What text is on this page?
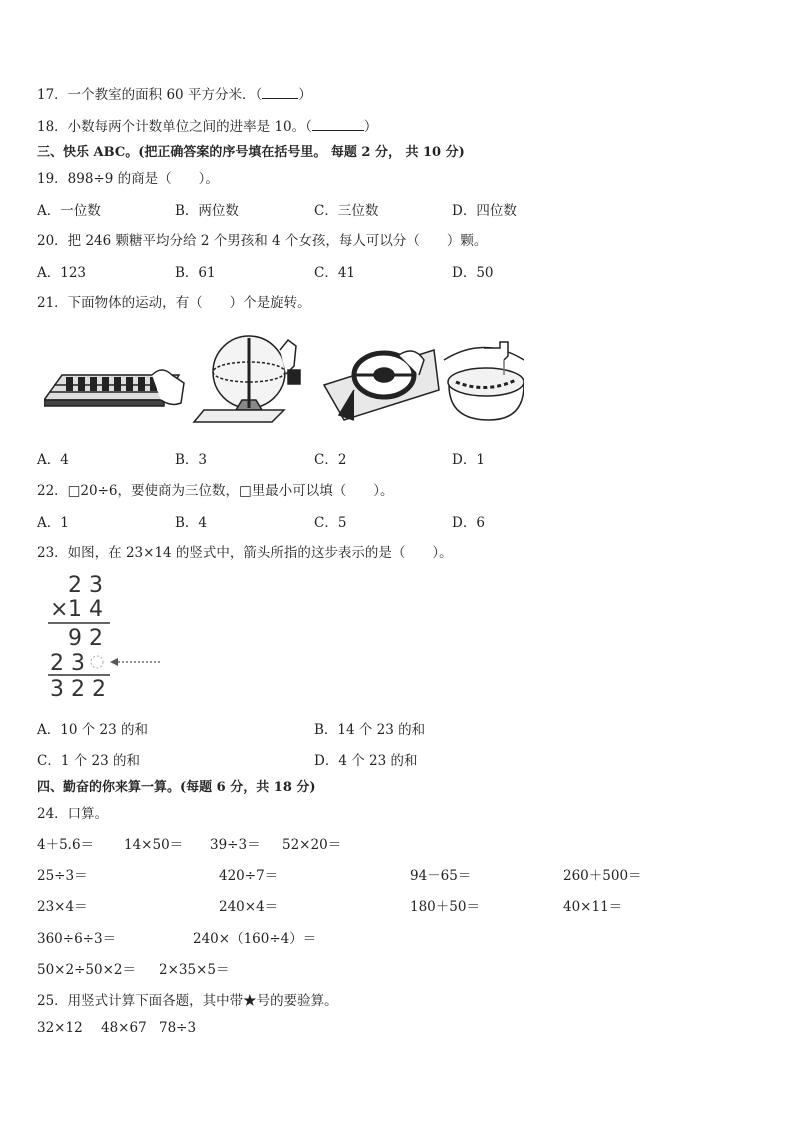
17．一个教室的面积 60 平方分米．（	）
18．小数每两个计数单位之间的进率是 10。（	）
三、快乐 ABC。(把正确答案的序号填在括号里。 每题 2 分， 共 10 分)
19．898÷9 的商是（　　）。
A．一位数	B．两位数	C．三位数	D．四位数
20．把 246 颗糖平均分给 2 个男孩和 4 个女孩，每人可以分（　　）颗。
A．123	B．61	C．41	D．50
21．下面物体的运动，有（　　）个是旋转。
A．4	B．3	C．2	D．1
22．□20÷6，要使商为三位数，□里最小可以填（　　）。
A．1	B．4	C．5	D．6
23．如图，在 23×14 的竖式中，箭头所指的这步表示的是（　　）。
2 3
× 1 4
9 2
2 3
3 2 2
A．10 个 23 的和	B．14 个 23 的和
C．1 个 23 的和	D．4 个 23 的和
四、勤奋的你来算一算。(每题 6 分，共 18 分)
24．口算。
4＋5.6＝ 14×50＝ 39÷3＝ 52×20＝
25÷3＝	420÷7＝	94－65＝	260＋500＝
23×4＝	240×4＝	180＋50＝	40×11＝
360÷6÷3＝	240×（160÷4）＝
50×2÷50×2＝ 2×35×5＝
25．用竖式计算下面各题，其中带★号的要验算。
32×12 48×67 78÷3
